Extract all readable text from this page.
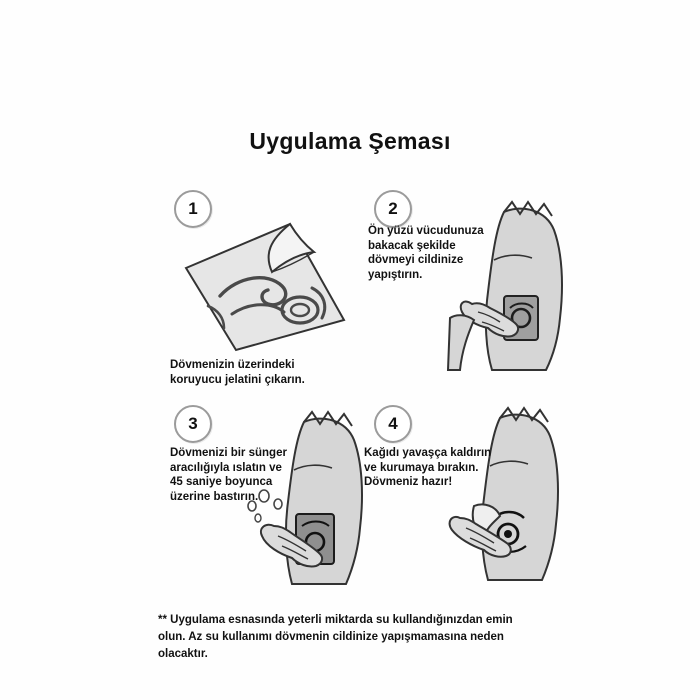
Uygulama Şeması
1
Dövmenizin üzerindeki
koruyucu jelatini çıkarın.
2
Ön yüzü vücudunuza
bakacak şekilde
dövmeyi cildinize
yapıştırın.
3
Dövmenizi bir sünger
aracılığıyla ıslatın ve
45 saniye boyunca
üzerine bastırın.
4
Kağıdı yavaşça kaldırın
ve kurumaya bırakın.
Dövmeniz hazır!
** Uygulama esnasında yeterli miktarda su kullandığınızdan emin
olun. Az su kullanımı dövmenin cildinize yapışmamasına neden
olacaktır.
